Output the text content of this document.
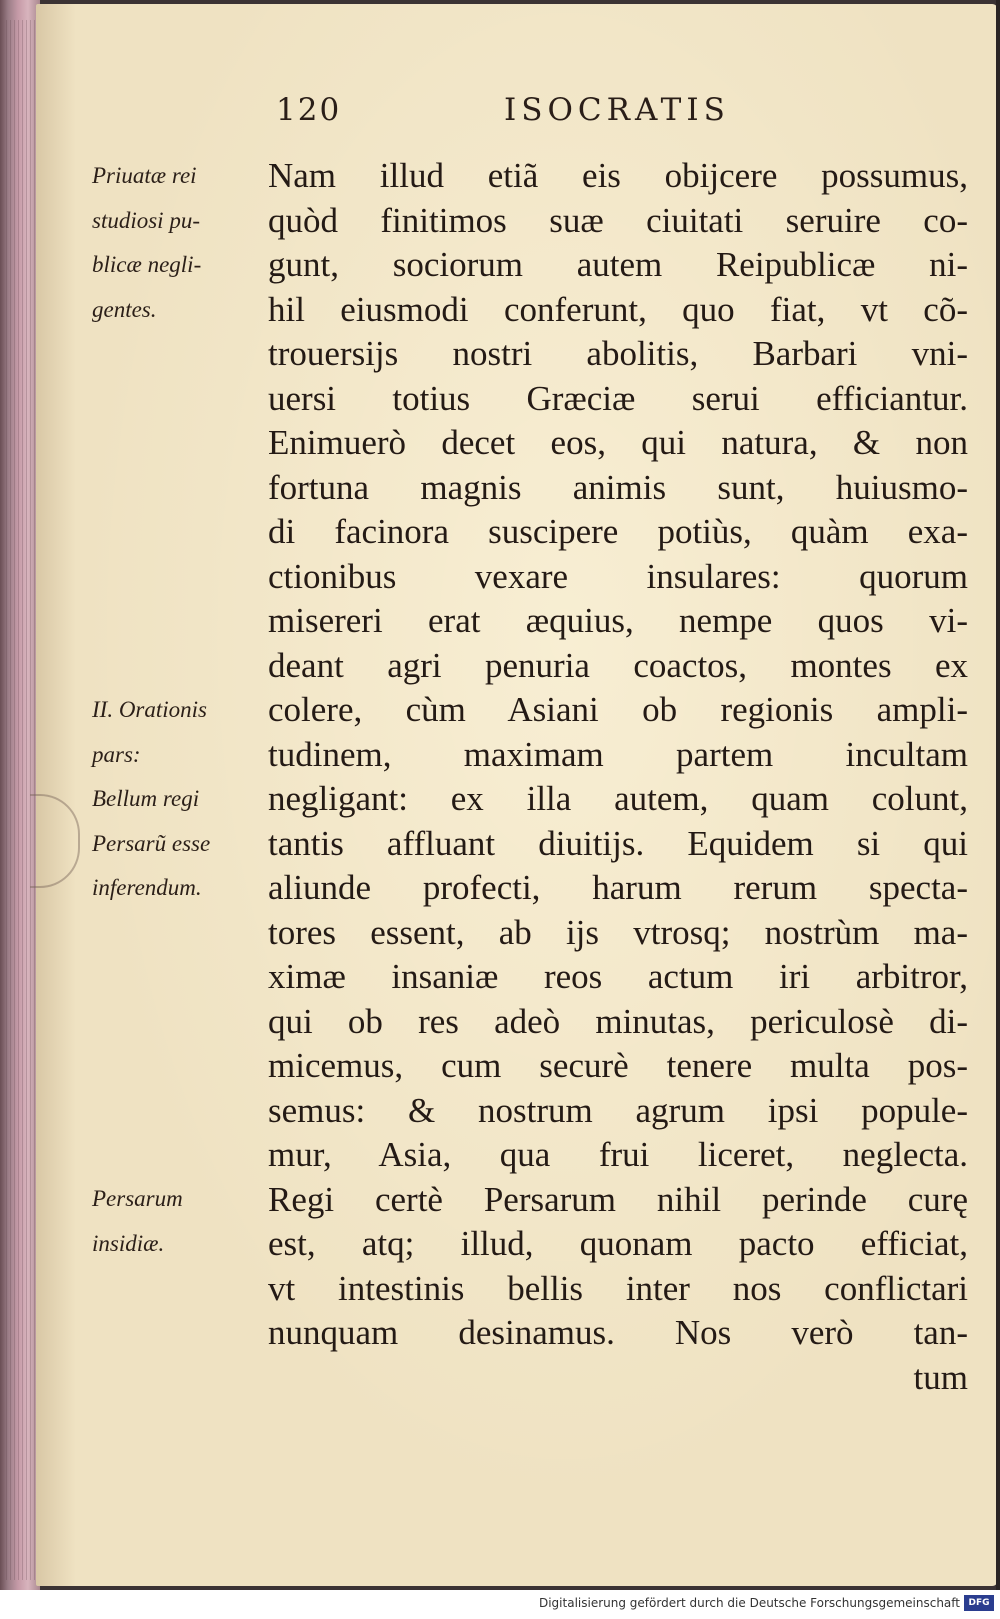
120	ISOCRATIS
Priuatæ rei
studiosi pu-
blicæ negli-
gentes.
II. Orationis
pars:
Bellum regi
Persarũ esse
inferendum.
Persarum
insidiæ.
Nam illud etiã eis obijcere possumus,
quòd finitimos suæ ciuitati seruire co-
gunt, sociorum autem Reipublicæ ni-
hil eiusmodi conferunt, quo fiat, vt cõ-
trouersijs nostri abolitis, Barbari vni-
uersi totius Græciæ serui efficiantur.
Enimuerò decet eos, qui natura, & non
fortuna magnis animis sunt, huiusmo-
di facinora suscipere potiùs, quàm exa-
ctionibus vexare insulares: quorum
misereri erat æquius, nempe quos vi-
deant agri penuria coactos, montes ex
colere, cùm Asiani ob regionis ampli-
tudinem, maximam partem incultam
negligant: ex illa autem, quam colunt,
tantis affluant diuitijs. Equidem si qui
aliunde profecti, harum rerum specta-
tores essent, ab ijs vtrosq; nostrùm ma-
ximæ insaniæ reos actum iri arbitror,
qui ob res adeò minutas, periculosè di-
micemus, cum securè tenere multa pos-
semus: & nostrum agrum ipsi popule-
mur, Asia, qua frui liceret, neglecta.
Regi certè Persarum nihil perinde curę
est, atq; illud, quonam pacto efficiat,
vt intestinis bellis inter nos conflictari
nunquam desinamus. Nos verò tan-
tum
Digitalisierung gefördert durch die Deutsche Forschungsgemeinschaft DFG
